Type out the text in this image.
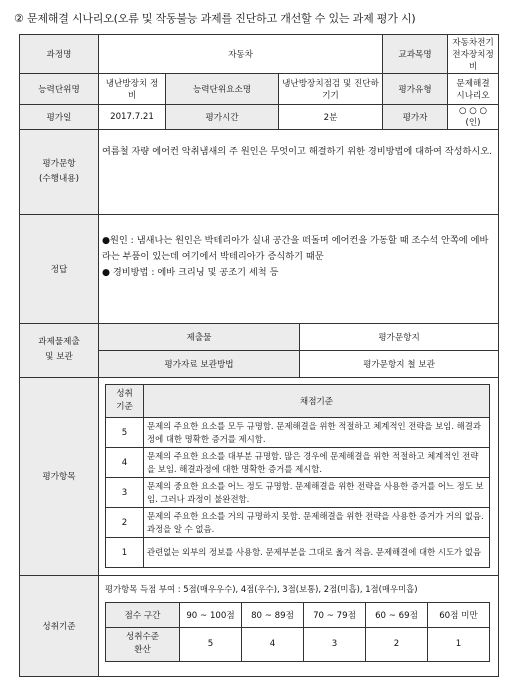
② 문제해결 시나리오(오류 및 작동불능 과제를 진단하고 개선할 수 있는 과제 평가 시)
과정명	자동차	교과목명	자동차전기전자장치정비
능력단위명	냉난방장치 정비	능력단위요소명	냉난방장치점검 및 진단하기기	평가유형	문제해결 시나리오
평가일	2017.7.21	평가시간	2분	평가자	○ ○ ○ (인)
평가문항
(수행내용)	여름철 자량 에어컨 악취냄새의 주 원인은 무엇이고 해결하기 위한 경비방법에 대하여 작성하시오.
정답	
●원인 : 냄새나는 원인은 박테리아가 실내 공간을 떠돌며 에어컨을 가동할 때 조수석 안쪽에 에바라는 부품이 있는데 여기에서 박테리아가 증식하기 때문
● 경비방법 : 에바 크리닝 및 공조기 세척 등

과제물제출
및 보관	제출물	평가문항지
평가자료 보관방법	평가문항지 철 보관
평가항목	
성취
기준	채점기준
5	문제의 주요한 요소를 모두 규명함. 문제해결을 위한 적절하고 체계적인 전략을 보임. 해결과정에 대한 명확한 증거를 제시함.
4	문제의 주요한 요소를 대부분 규명함. 많은 경우에 문제해결을 위한 적절하고 체계적인 전략을 보임. 해결과정에 대한 명확한 증거를 제시함.
3	문제의 중요한 요소를 어느 정도 규명함. 문제해결을 위한 전략을 사용한 증거를 어느 정도 보임. 그러나 과정이 불완전함.
2	문제의 주요한 요소를 거의 규명하지 못함. 문제해결을 위한 전략을 사용한 증거가 거의 없음. 과정을 알 수 없음.
1	관련없는 외부의 정보를 사용함. 문제부분을 그대로 옮겨 적음. 문제해결에 대한 시도가 없음

성취기준	
평가항목 득점 부여 : 5점(매우우수), 4점(우수), 3점(보통), 2점(미흡), 1점(매우미흡)
점수 구간	90 ~ 100점	80 ~ 89점	70 ~ 79점	60 ~ 69점	60점 미만
성취수준
환산	5	4	3	2	1
